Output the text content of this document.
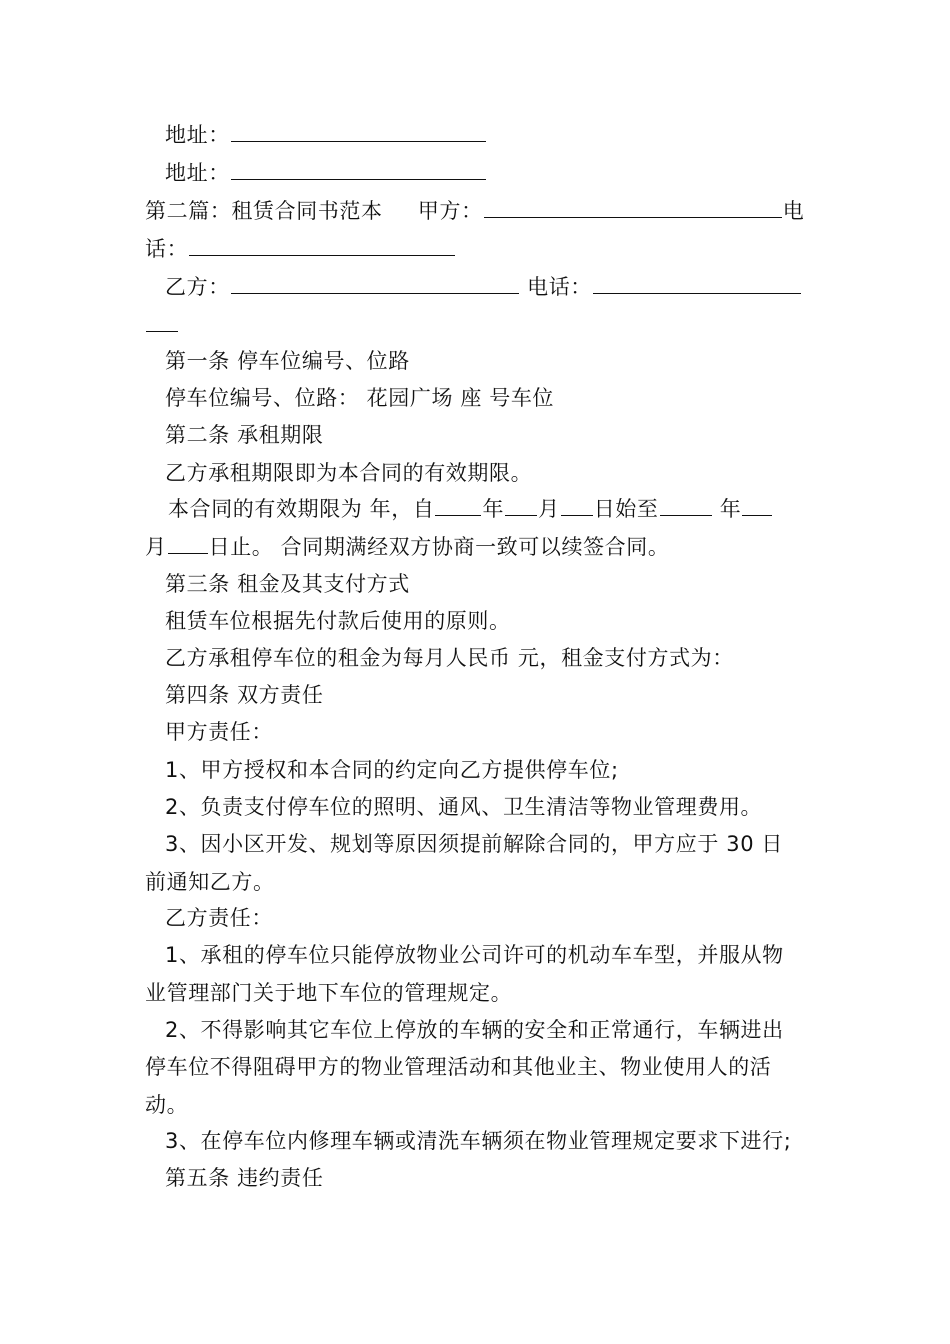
地址：
地址：
第二篇：租赁合同书范本 甲方：	电
话：
乙方：	电话：
第一条 停车位编号、位路
停车位编号、位路： 花园广场 座 号车位
第二条 承租期限
乙方承租期限即为本合同的有效期限。
本合同的有效期限为 年，自 年 月 日始至	年
月 日止。 合同期满经双方协商一致可以续签合同。
第三条 租金及其支付方式
租赁车位根据先付款后使用的原则。
乙方承租停车位的租金为每月人民币 元，租金支付方式为：
第四条 双方责任
甲方责任：
1、甲方授权和本合同的约定向乙方提供停车位;
2、负责支付停车位的照明、通风、卫生清洁等物业管理费用。
3、因小区开发、规划等原因须提前解除合同的，甲方应于 30 日
前通知乙方。
乙方责任：
1、承租的停车位只能停放物业公司许可的机动车车型，并服从物
业管理部门关于地下车位的管理规定。
2、不得影响其它车位上停放的车辆的安全和正常通行，车辆进出
停车位不得阻碍甲方的物业管理活动和其他业主、物业使用人的活
动。
3、在停车位内修理车辆或清洗车辆须在物业管理规定要求下进行;
第五条 违约责任
